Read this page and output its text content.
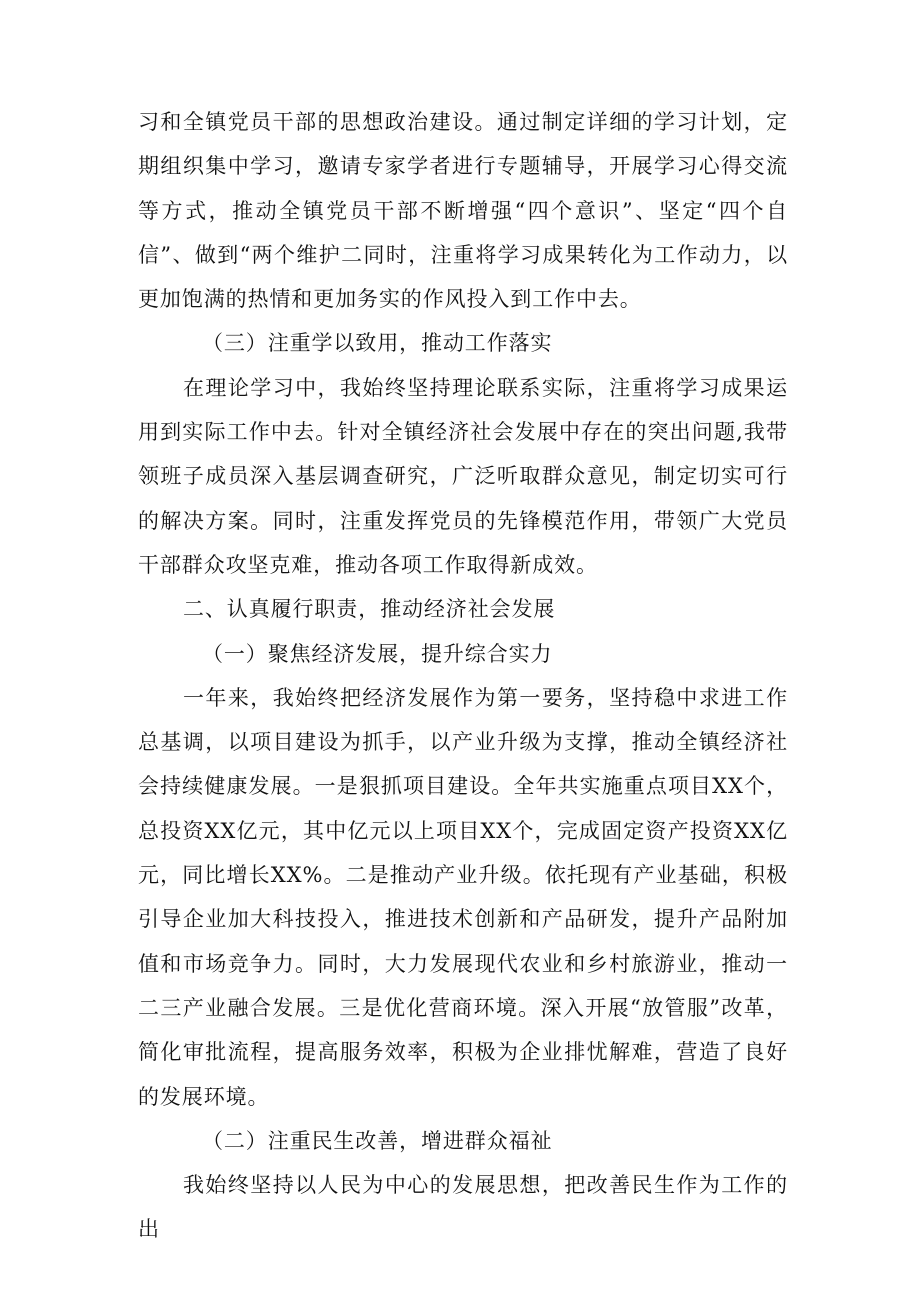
习和全镇党员干部的思想政治建设。通过制定详细的学习计划，定期组织集中学习，邀请专家学者进行专题辅导，开展学习心得交流等方式，推动全镇党员干部不断增强“四个意识”、坚定“四个自信”、做到“两个维护二同时，注重将学习成果转化为工作动力，以更加饱满的热情和更加务实的作风投入到工作中去。

（三）注重学以致用，推动工作落实

在理论学习中，我始终坚持理论联系实际，注重将学习成果运用到实际工作中去。针对全镇经济社会发展中存在的突出问题,我带领班子成员深入基层调查研究，广泛听取群众意见，制定切实可行的解决方案。同时，注重发挥党员的先锋模范作用，带领广大党员干部群众攻坚克难，推动各项工作取得新成效。

二、认真履行职责，推动经济社会发展

（一）聚焦经济发展，提升综合实力

一年来，我始终把经济发展作为第一要务，坚持稳中求进工作总基调，以项目建设为抓手，以产业升级为支撑，推动全镇经济社会持续健康发展。一是狠抓项目建设。全年共实施重点项目XX个，总投资XX亿元，其中亿元以上项目XX个，完成固定资产投资XX亿元，同比增长XX%。二是推动产业升级。依托现有产业基础，积极引导企业加大科技投入，推进技术创新和产品研发，提升产品附加值和市场竞争力。同时，大力发展现代农业和乡村旅游业，推动一二三产业融合发展。三是优化营商环境。深入开展“放管服”改革，简化审批流程，提高服务效率，积极为企业排忧解难，营造了良好的发展环境。

（二）注重民生改善，增进群众福祉

我始终坚持以人民为中心的发展思想，把改善民生作为工作的出
